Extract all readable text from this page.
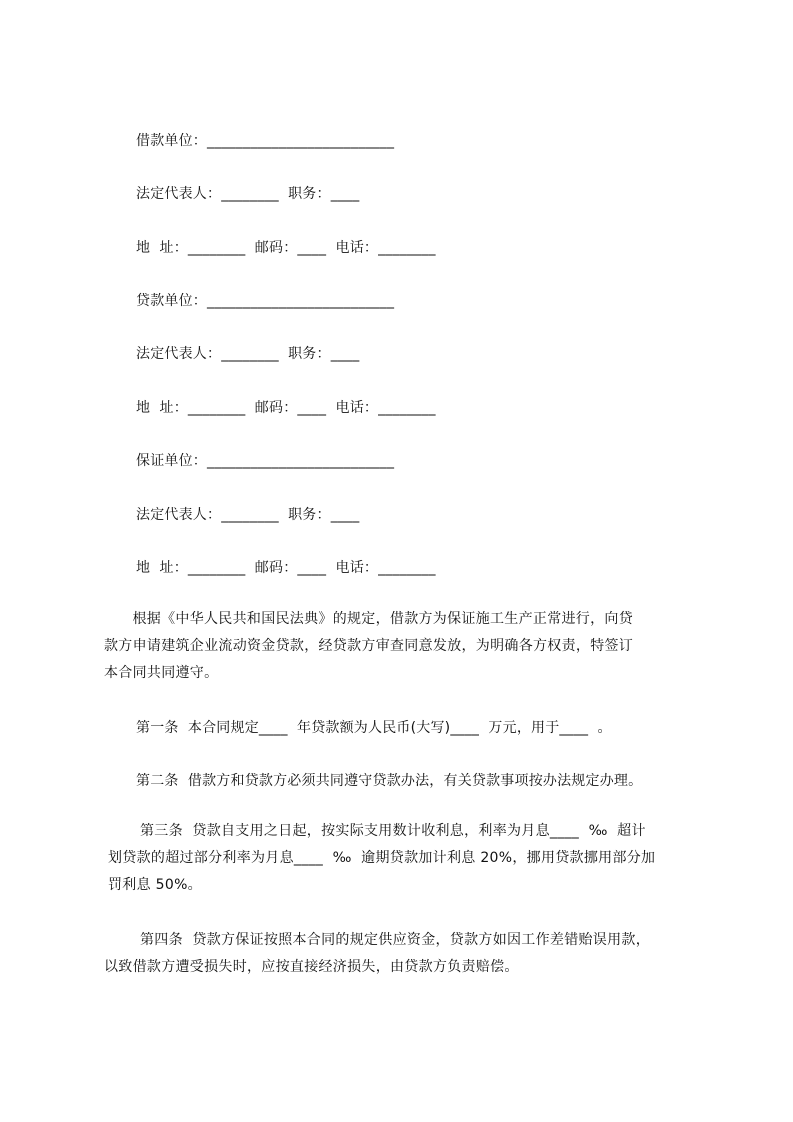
借款单位：__________________________
法定代表人：________  职务：____
地  址：________  邮码：____  电话：________
贷款单位：__________________________
法定代表人：________  职务：____
地  址：________  邮码：____  电话：________
保证单位：__________________________
法定代表人：________  职务：____
地  址：________  邮码：____  电话：________
根据《中华人民共和国民法典》的规定，借款方为保证施工生产正常进行，向贷
款方申请建筑企业流动资金贷款，经贷款方审查同意发放，为明确各方权责，特签订
本合同共同遵守。
第一条  本合同规定____  年贷款额为人民币(大写)____  万元，用于____  。
第二条  借款方和贷款方必须共同遵守贷款办法，有关贷款事项按办法规定办理。
第三条  贷款自支用之日起，按实际支用数计收利息，利率为月息____  ‰  超计
划贷款的超过部分利率为月息____  ‰  逾期贷款加计利息 20%，挪用贷款挪用部分加
罚利息 50%。
第四条  贷款方保证按照本合同的规定供应资金，贷款方如因工作差错贻误用款，
以致借款方遭受损失时，应按直接经济损失，由贷款方负责赔偿。
